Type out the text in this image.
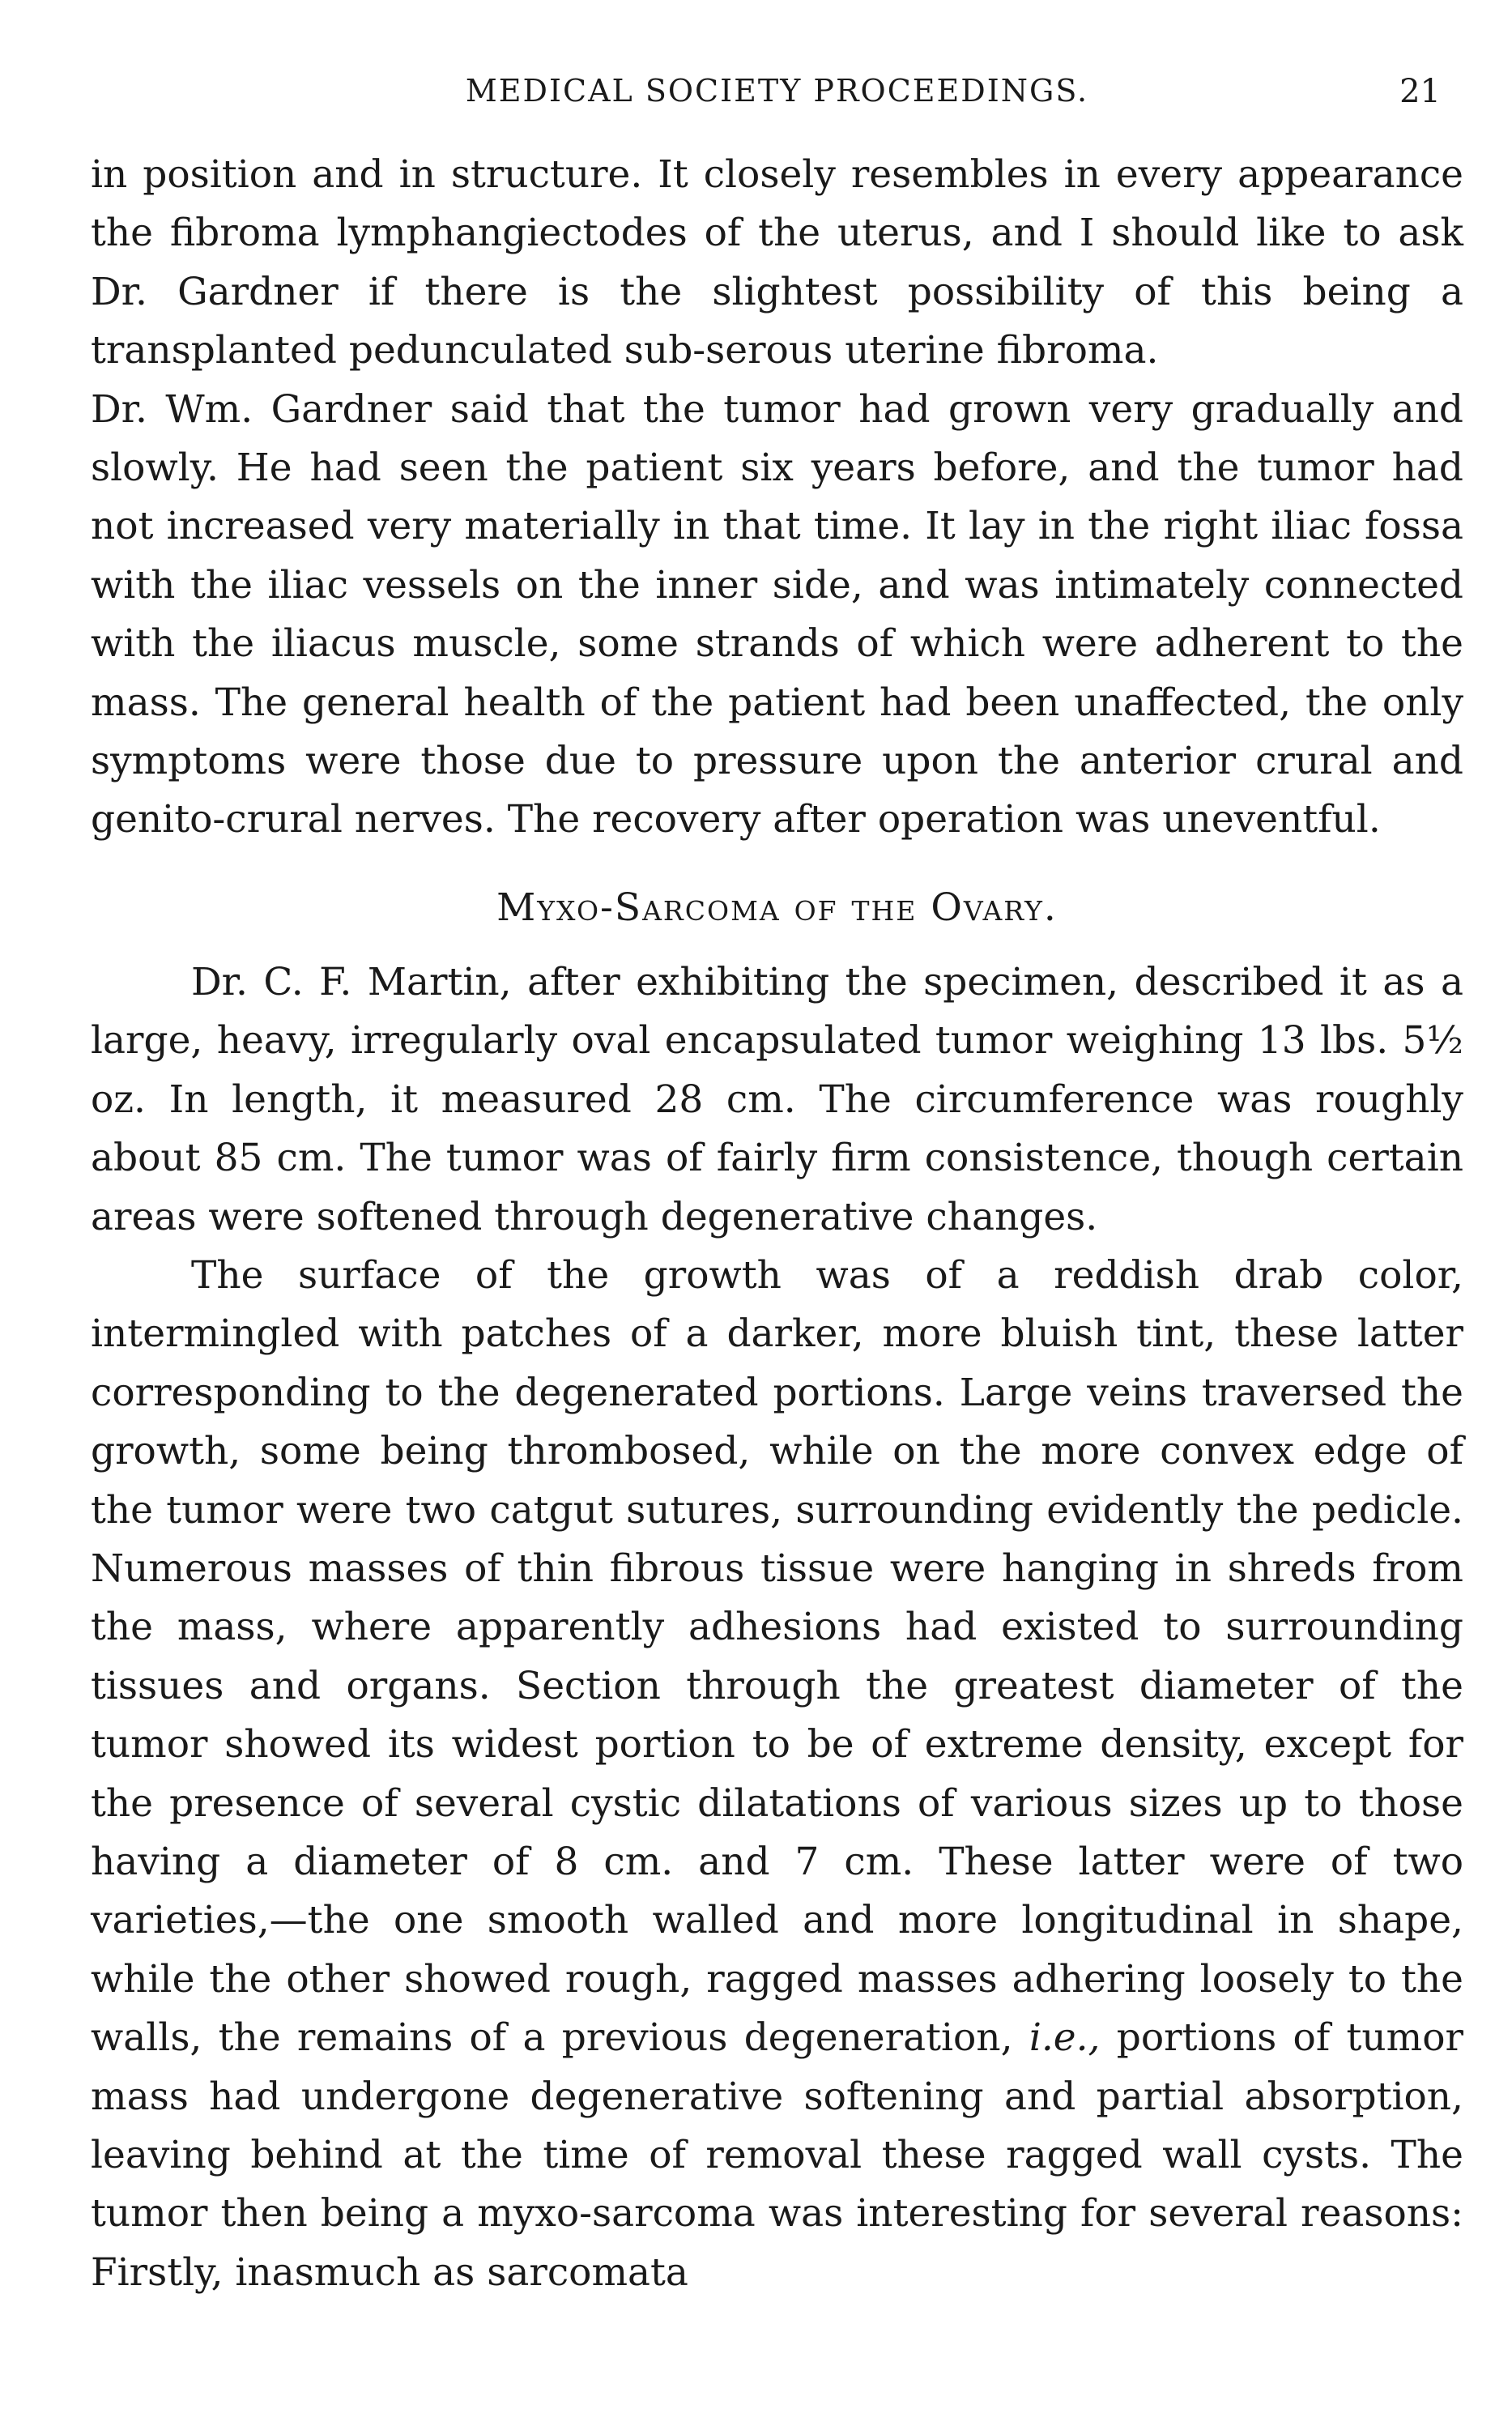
MEDICAL SOCIETY PROCEEDINGS.	21

in position and in structure. It closely resembles in every appearance the fibroma lymphangiectodes of the uterus, and I should like to ask Dr. Gardner if there is the slightest possibility of this being a transplanted pedunculated sub-serous uterine fibroma.

Dr. Wm. Gardner said that the tumor had grown very gradually and slowly. He had seen the patient six years before, and the tumor had not increased very materially in that time. It lay in the right iliac fossa with the iliac vessels on the inner side, and was intimately connected with the iliacus muscle, some strands of which were adherent to the mass. The general health of the patient had been unaffected, the only symptoms were those due to pressure upon the anterior crural and genito-crural nerves. The recovery after operation was uneventful.

Myxo-Sarcoma of the Ovary.

Dr. C. F. Martin, after exhibiting the specimen, described it as a large, heavy, irregularly oval encapsulated tumor weighing 13 lbs. 5½ oz. In length, it measured 28 cm. The circumference was roughly about 85 cm. The tumor was of fairly firm consistence, though certain areas were softened through degenerative changes.

The surface of the growth was of a reddish drab color, intermingled with patches of a darker, more bluish tint, these latter corresponding to the degenerated portions. Large veins traversed the growth, some being thrombosed, while on the more convex edge of the tumor were two catgut sutures, surrounding evidently the pedicle. Numerous masses of thin fibrous tissue were hanging in shreds from the mass, where apparently adhesions had existed to surrounding tissues and organs. Section through the greatest diameter of the tumor showed its widest portion to be of extreme density, except for the presence of several cystic dilatations of various sizes up to those having a diameter of 8 cm. and 7 cm. These latter were of two varieties,—the one smooth walled and more longitudinal in shape, while the other showed rough, ragged masses adhering loosely to the walls, the remains of a previous degeneration, i.e., portions of tumor mass had undergone degenerative softening and partial absorption, leaving behind at the time of removal these ragged wall cysts. The tumor then being a myxo-sarcoma was interesting for several reasons: Firstly, inasmuch as sarcomata
